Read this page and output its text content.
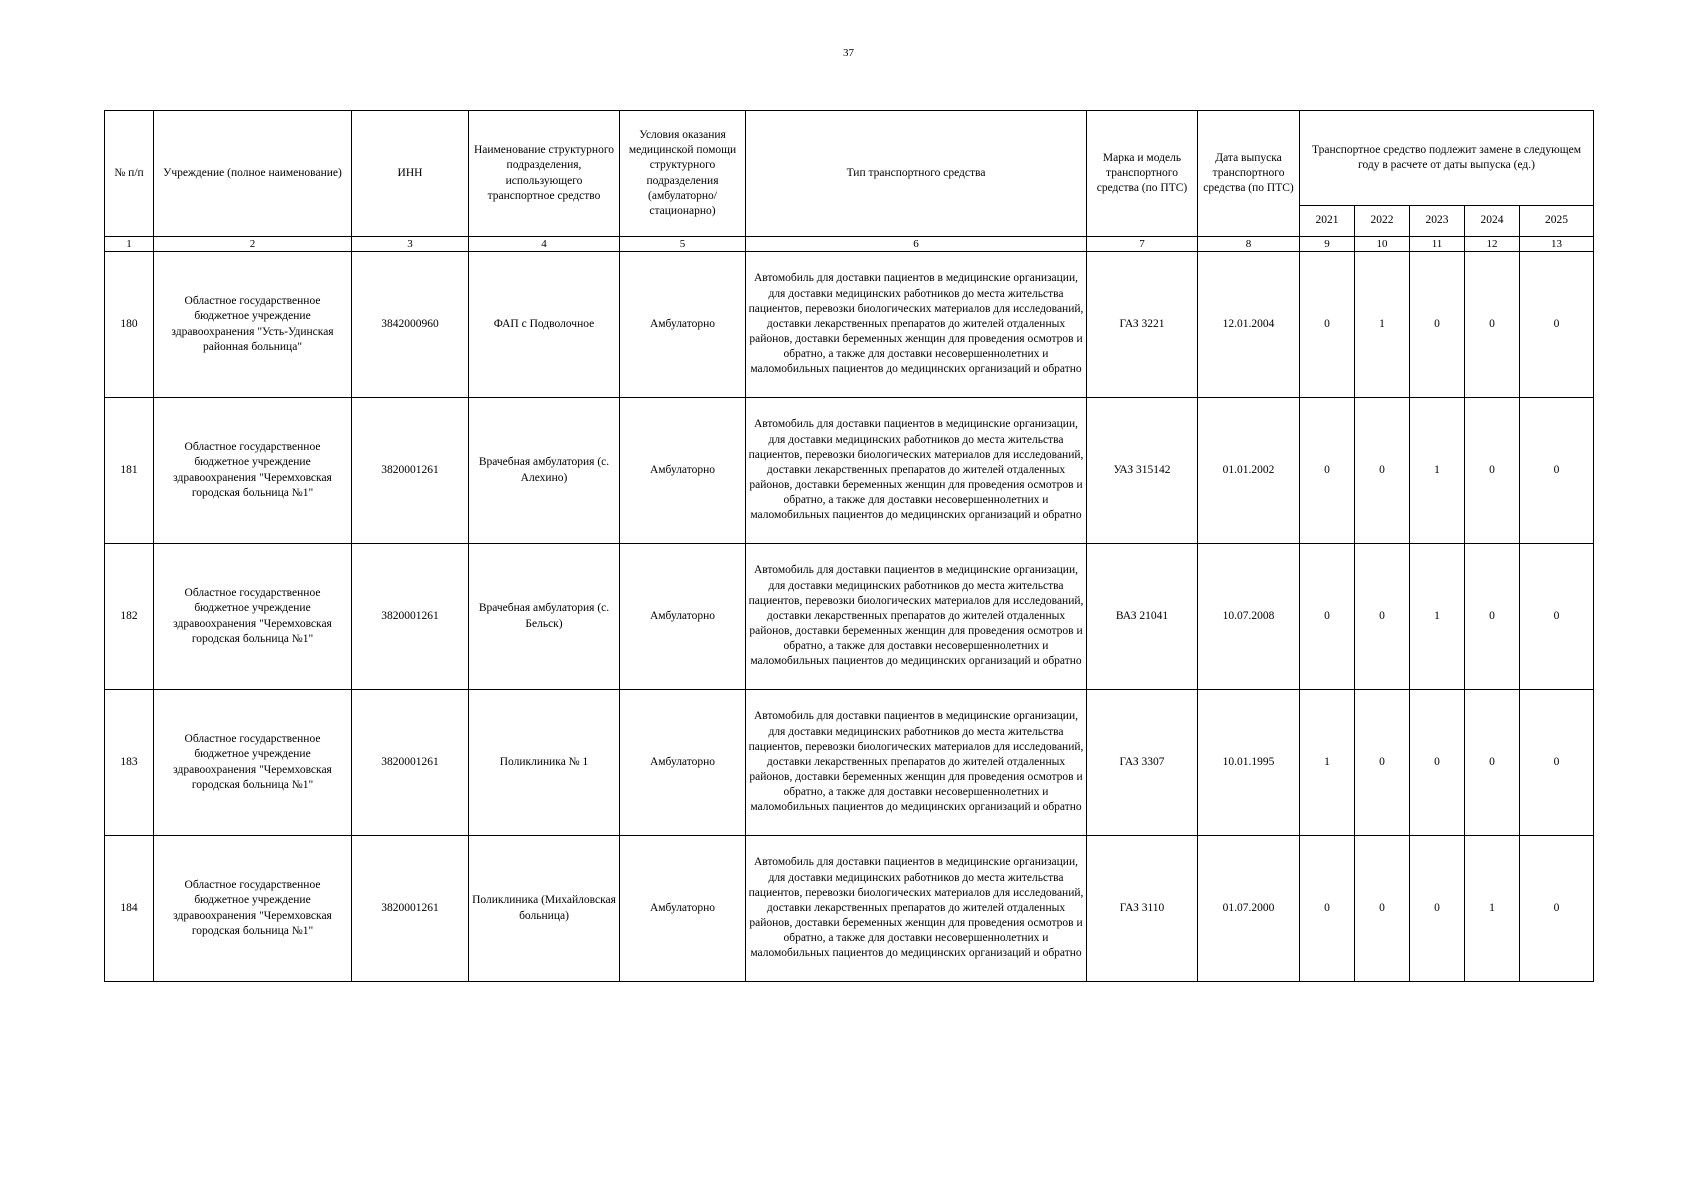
37
№ п/п	Учреждение (полное наименование)	ИНН	Наименование структурного подразделения, использующего транспортное средство	Условия оказания медицинской помощи структурного подразделения (амбулаторно/стационарно)	Тип транспортного средства	Марка и модель транспортного средства (по ПТС)	Дата выпуска транспортного средства (по ПТС)	Транспортное средство подлежит замене в следующем году в расчете от даты выпуска (ед.)				
								2021	2022	2023	2024	2025
1	2	3	4	5	6	7	8	9	10	11	12	13
180	Областное государственное бюджетное учреждение здравоохранения "Усть-Удинская районная больница"	3842000960	ФАП с Подволочное	Амбулаторно	Автомобиль для доставки пациентов в медицинские организации, для доставки медицинских работников до места жительства пациентов, перевозки биологических материалов для исследований, доставки лекарственных препаратов до жителей отдаленных районов, доставки беременных женщин для проведения осмотров и обратно, а также для доставки несовершеннолетних и маломобильных пациентов до медицинских организаций и обратно	ГАЗ 3221	12.01.2004	0	1	0	0	0
181	Областное государственное бюджетное учреждение здравоохранения "Черемховская городская больница №1"	3820001261	Врачебная амбулатория (с. Алехино)	Амбулаторно	Автомобиль для доставки пациентов в медицинские организации, для доставки медицинских работников до места жительства пациентов, перевозки биологических материалов для исследований, доставки лекарственных препаратов до жителей отдаленных районов, доставки беременных женщин для проведения осмотров и обратно, а также для доставки несовершеннолетних и маломобильных пациентов до медицинских организаций и обратно	УАЗ 315142	01.01.2002	0	0	1	0	0
182	Областное государственное бюджетное учреждение здравоохранения "Черемховская городская больница №1"	3820001261	Врачебная амбулатория (с. Бельск)	Амбулаторно	Автомобиль для доставки пациентов в медицинские организации, для доставки медицинских работников до места жительства пациентов, перевозки биологических материалов для исследований, доставки лекарственных препаратов до жителей отдаленных районов, доставки беременных женщин для проведения осмотров и обратно, а также для доставки несовершеннолетних и маломобильных пациентов до медицинских организаций и обратно	ВАЗ 21041	10.07.2008	0	0	1	0	0
183	Областное государственное бюджетное учреждение здравоохранения "Черемховская городская больница №1"	3820001261	Поликлиника № 1	Амбулаторно	Автомобиль для доставки пациентов в медицинские организации, для доставки медицинских работников до места жительства пациентов, перевозки биологических материалов для исследований, доставки лекарственных препаратов до жителей отдаленных районов, доставки беременных женщин для проведения осмотров и обратно, а также для доставки несовершеннолетних и маломобильных пациентов до медицинских организаций и обратно	ГАЗ 3307	10.01.1995	1	0	0	0	0
184	Областное государственное бюджетное учреждение здравоохранения "Черемховская городская больница №1"	3820001261	Поликлиника (Михайловская больница)	Амбулаторно	Автомобиль для доставки пациентов в медицинские организации, для доставки медицинских работников до места жительства пациентов, перевозки биологических материалов для исследований, доставки лекарственных препаратов до жителей отдаленных районов, доставки беременных женщин для проведения осмотров и обратно, а также для доставки несовершеннолетних и маломобильных пациентов до медицинских организаций и обратно	ГАЗ 3110	01.07.2000	0	0	0	1	0
